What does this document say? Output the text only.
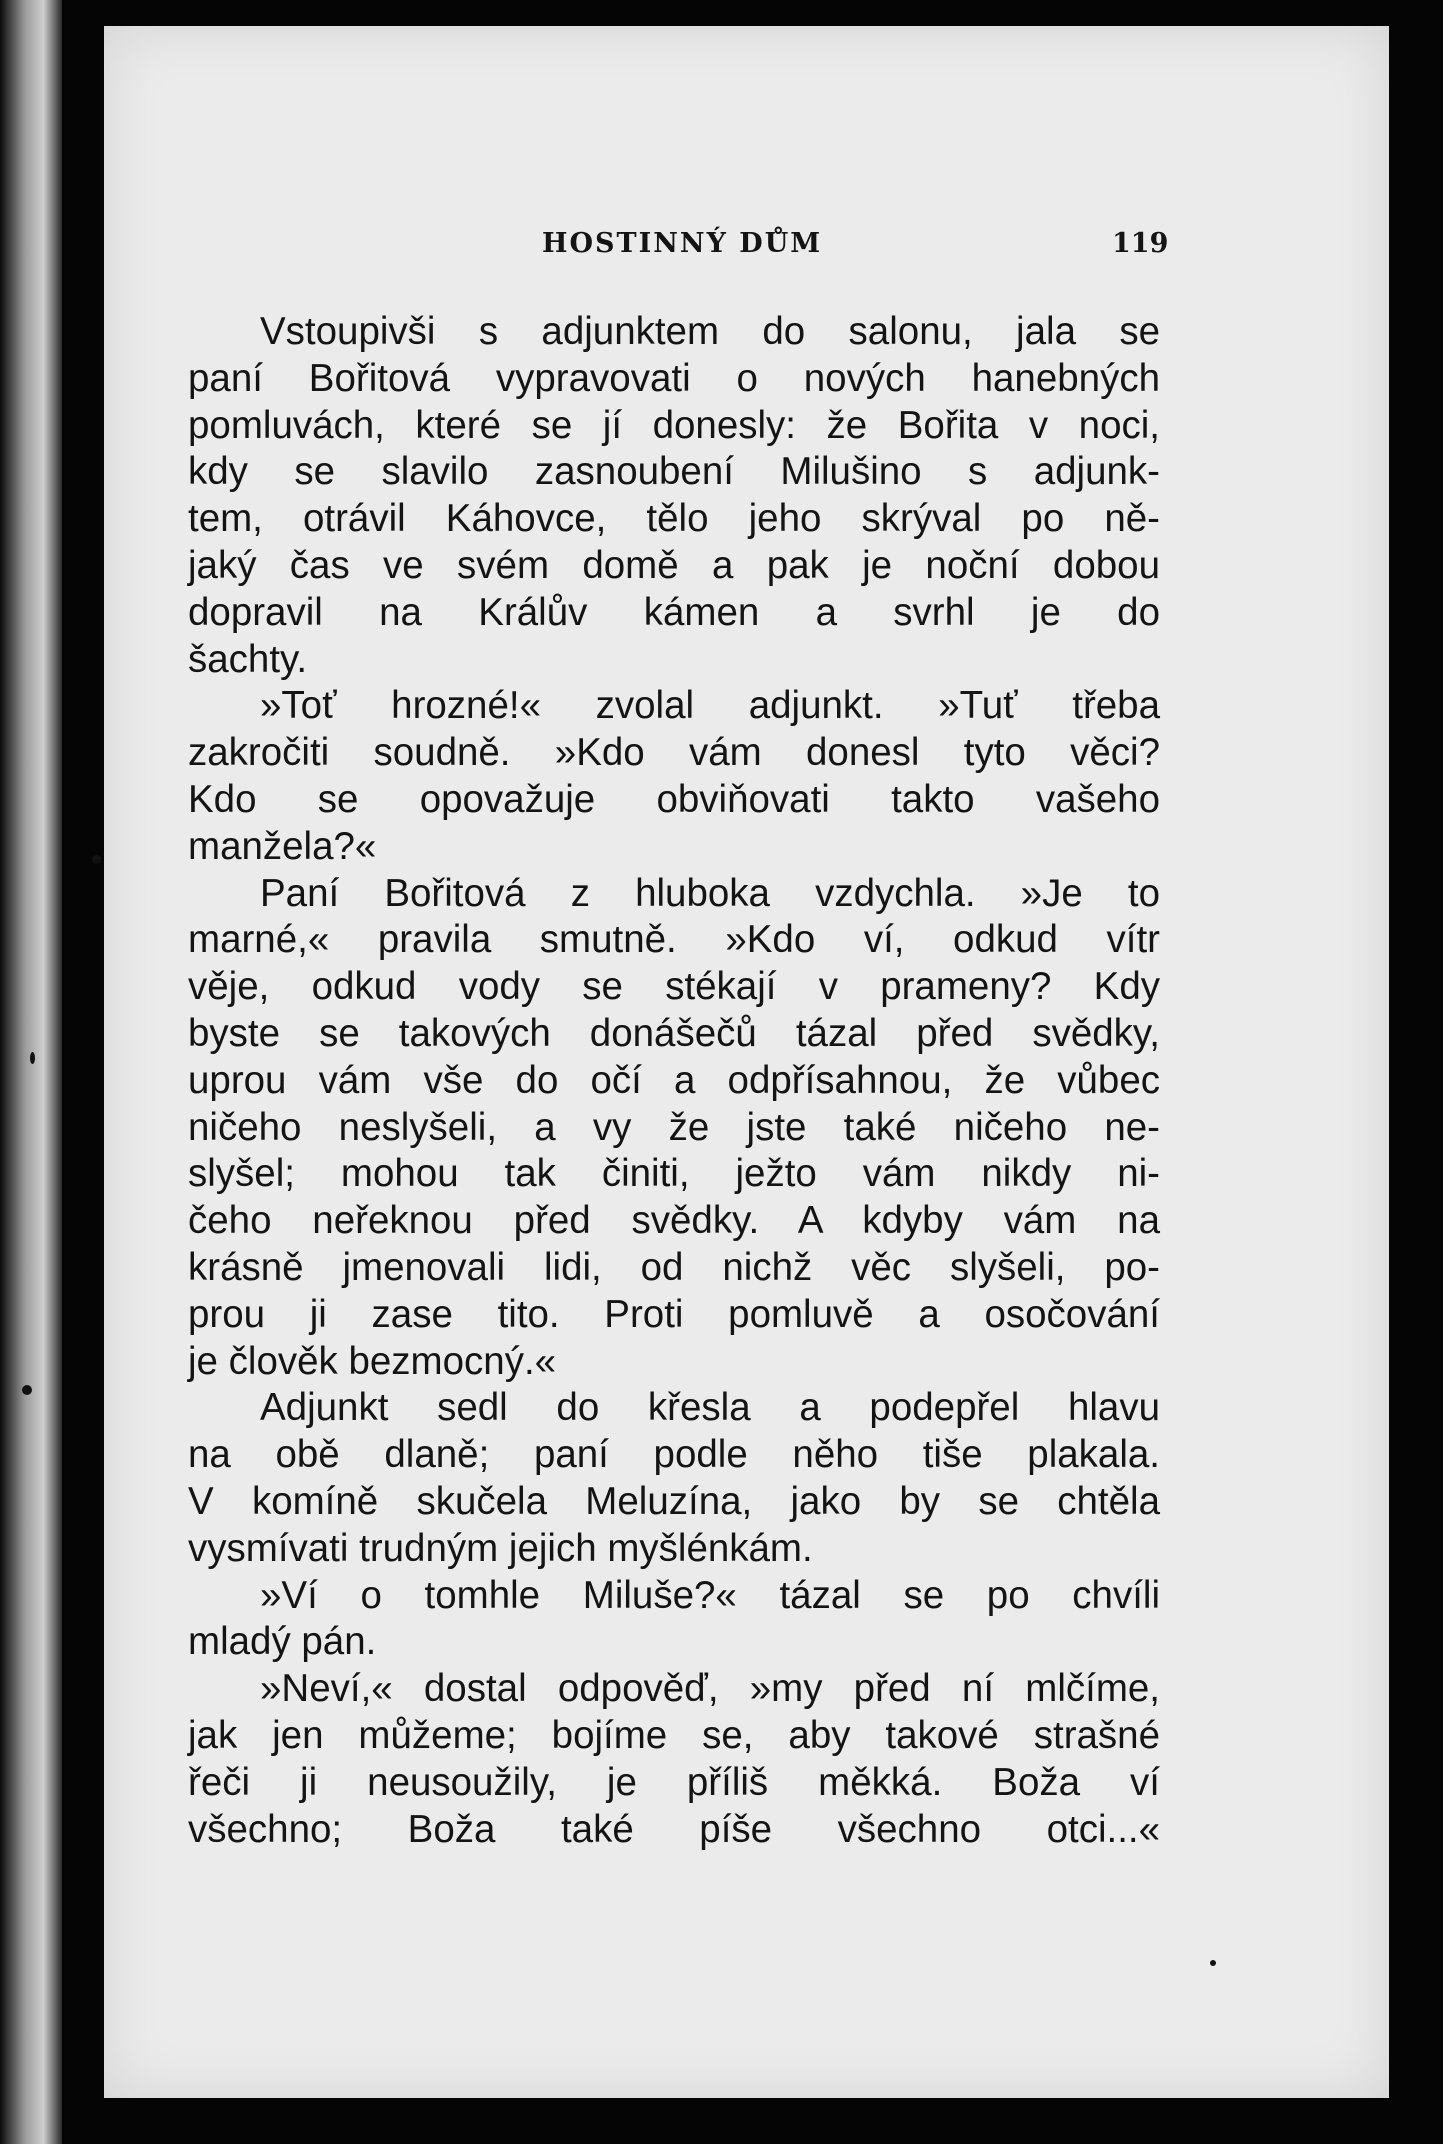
HOSTINNÝ DŮM	119
Vstoupivši s adjunktem do salonu, jala se
paní Bořitová vypravovati o nových hanebných
pomluvách, které se jí donesly: že Bořita v noci,
kdy se slavilo zasnoubení Milušino s adjunk-
tem, otrávil Káhovce, tělo jeho skrýval po ně-
jaký čas ve svém domě a pak je noční dobou
dopravil na Králův kámen a svrhl je do
šachty.
»Toť hrozné!« zvolal adjunkt. »Tuť třeba
zakročiti soudně. »Kdo vám donesl tyto věci?
Kdo se opovažuje obviňovati takto vašeho
manžela?«
Paní Bořitová z hluboka vzdychla. »Je to
marné,« pravila smutně. »Kdo ví, odkud vítr
věje, odkud vody se stékají v prameny? Kdy
byste se takových donášečů tázal před svědky,
uprou vám vše do očí a odpřísahnou, že vůbec
ničeho neslyšeli, a vy že jste také ničeho ne-
slyšel; mohou tak činiti, ježto vám nikdy ni-
čeho neřeknou před svědky. A kdyby vám na
krásně jmenovali lidi, od nichž věc slyšeli, po-
prou ji zase tito. Proti pomluvě a osočování
je člověk bezmocný.«
Adjunkt sedl do křesla a podepřel hlavu
na obě dlaně; paní podle něho tiše plakala.
V komíně skučela Meluzína, jako by se chtěla
vysmívati trudným jejich myšlénkám.
»Ví o tomhle Miluše?« tázal se po chvíli
mladý pán.
»Neví,« dostal odpověď, »my před ní mlčíme,
jak jen můžeme; bojíme se, aby takové strašné
řeči ji neusoužily, je příliš měkká. Boža ví
všechno; Boža také píše všechno otci...«
